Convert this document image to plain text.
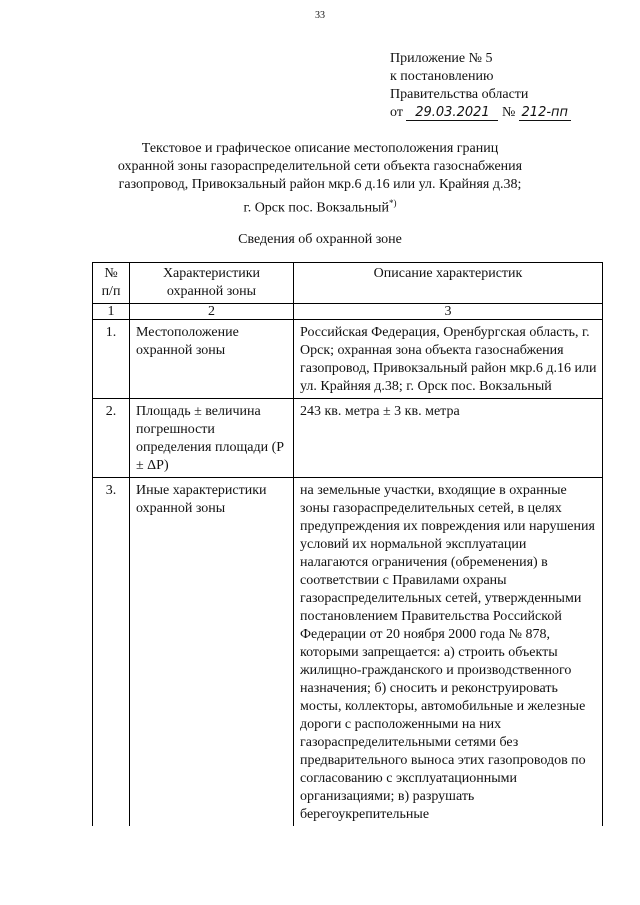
33
Приложение № 5
к постановлению
Правительства области
от 29.03.2021 № 212-пп
Текстовое и графическое описание местоположения границ
охранной зоны газораспределительной сети объекта газоснабжения
газопровод, Привокзальный район мкр.6 д.16 или ул. Крайняя д.38;
г. Орск пос. Вокзальный*)
Сведения об охранной зоне
№ п/п	Характеристики охранной зоны	Описание характеристик
1	2	3
1.	Местоположение охранной зоны	Российская Федерация, Оренбургская область, г. Орск; охранная зона объекта газоснабжения газопровод, Привокзальный район мкр.6 д.16 или ул. Крайняя д.38; г. Орск пос. Вокзальный
2.	Площадь ± величина погрешности определения площади (P ± ΔP)	243 кв. метра ± 3 кв. метра
3.	Иные характеристики охранной зоны	на земельные участки, входящие в охранные зоны газораспределительных сетей, в целях предупреждения их повреждения или нарушения условий их нормальной эксплуатации налагаются ограничения (обременения) в соответствии с Правилами охраны газораспределительных сетей, утвержденными постановлением Правительства Российской Федерации от 20 ноября 2000 года № 878, которыми запрещается: а) строить объекты жилищно-гражданского и производственного назначения; б) сносить и реконструировать мосты, коллекторы, автомобильные и железные дороги с расположенными на них газораспределительными сетями без предварительного выноса этих газопроводов по согласованию с эксплуатационными организациями; в) разрушать берегоукрепительные
